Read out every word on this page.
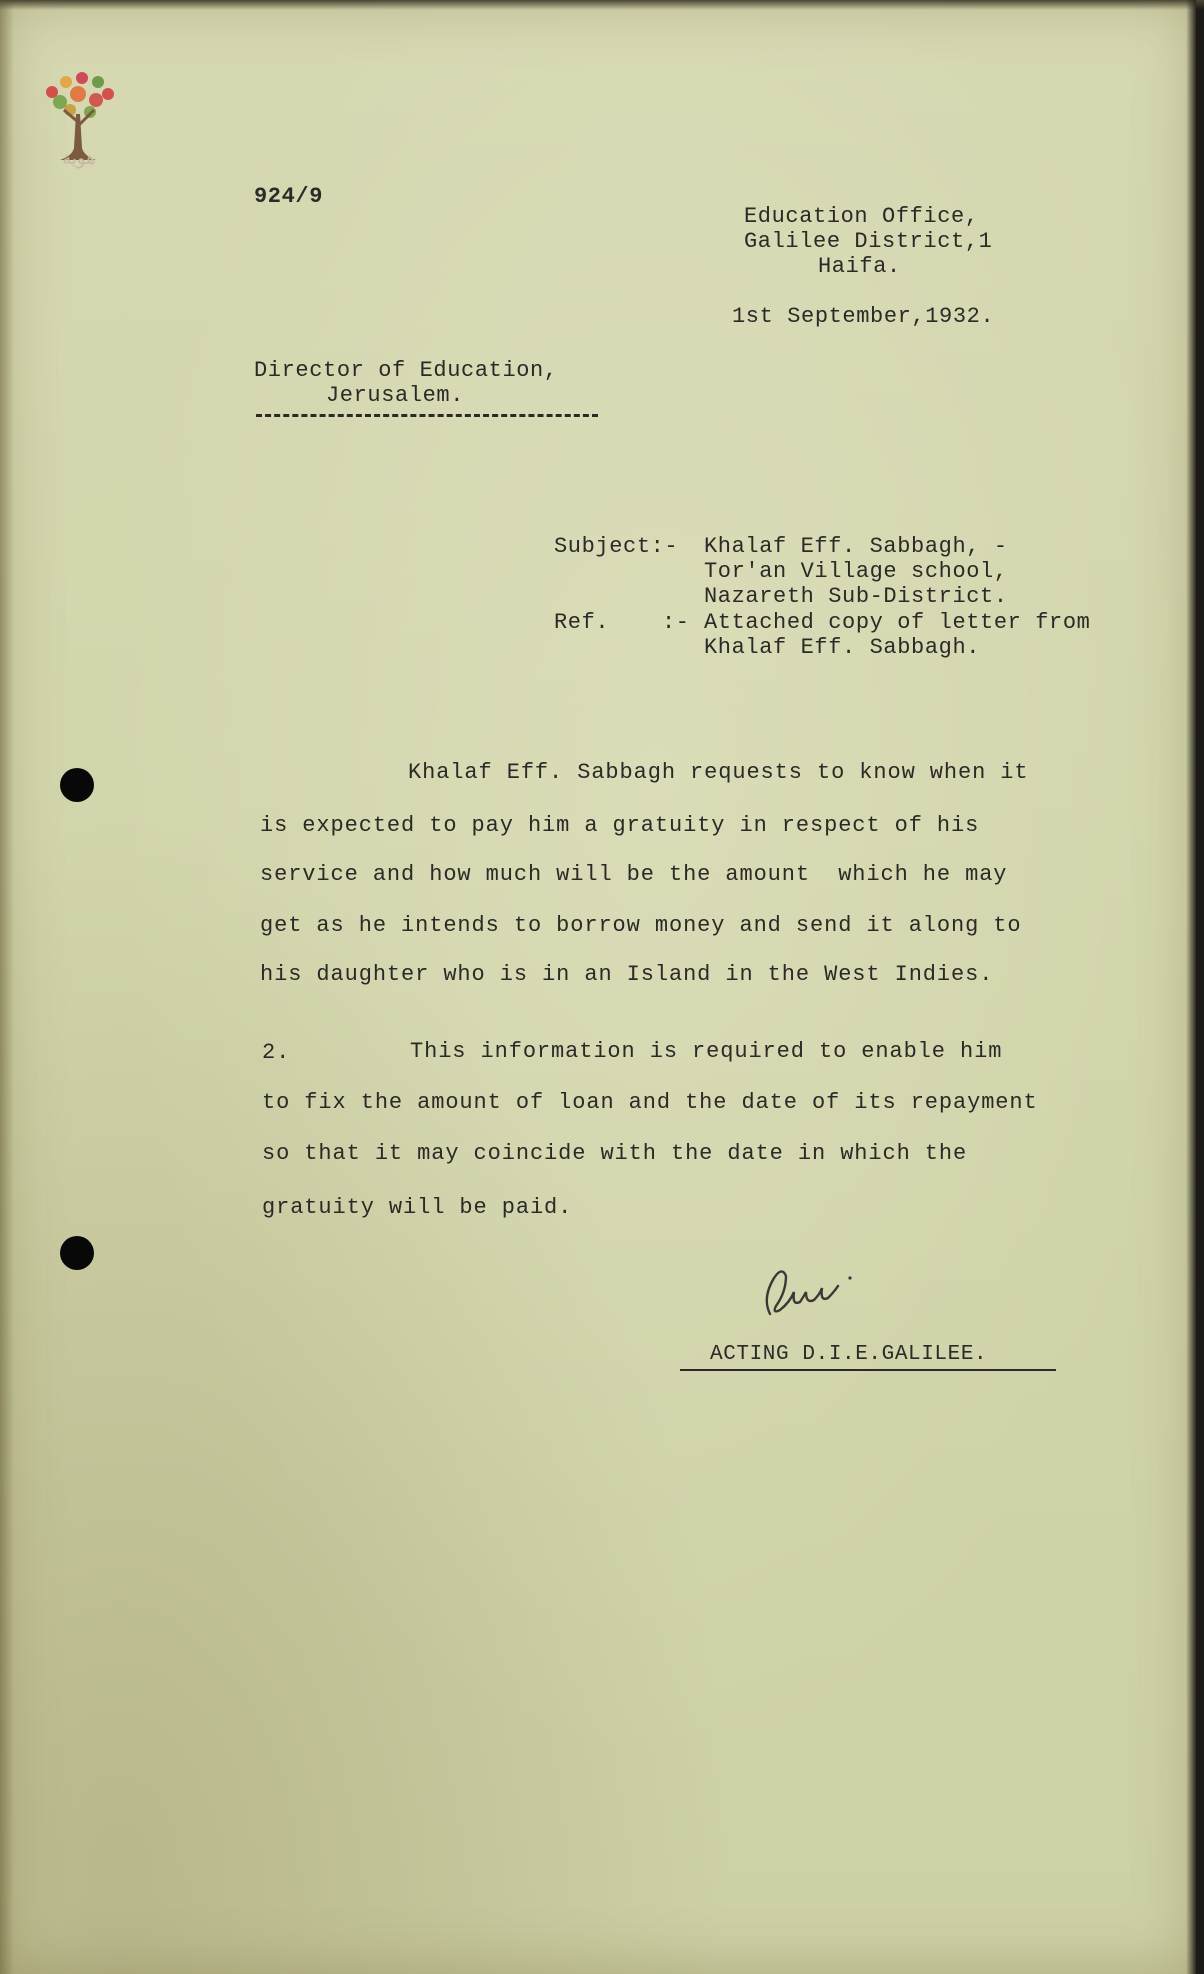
هوية
924/9
Education Office,
Galilee District,1
Haifa.
1st September,1932.
Director of Education,
Jerusalem.
Subject:- Khalaf Eff. Sabbagh, -
Tor'an Village school,
Nazareth Sub-District.
Ref. :- Attached copy of letter from
Khalaf Eff. Sabbagh.
Khalaf Eff. Sabbagh requests to know when it
is expected to pay him a gratuity in respect of his
service and how much will be the amount  which he may
get as he intends to borrow money and send it along to
his daughter who is in an Island in the West Indies.
2.	This information is required to enable him
to fix the amount of loan and the date of its repayment
so that it may coincide with the date in which the
gratuity will be paid.
ACTING D.I.E.GALILEE.
